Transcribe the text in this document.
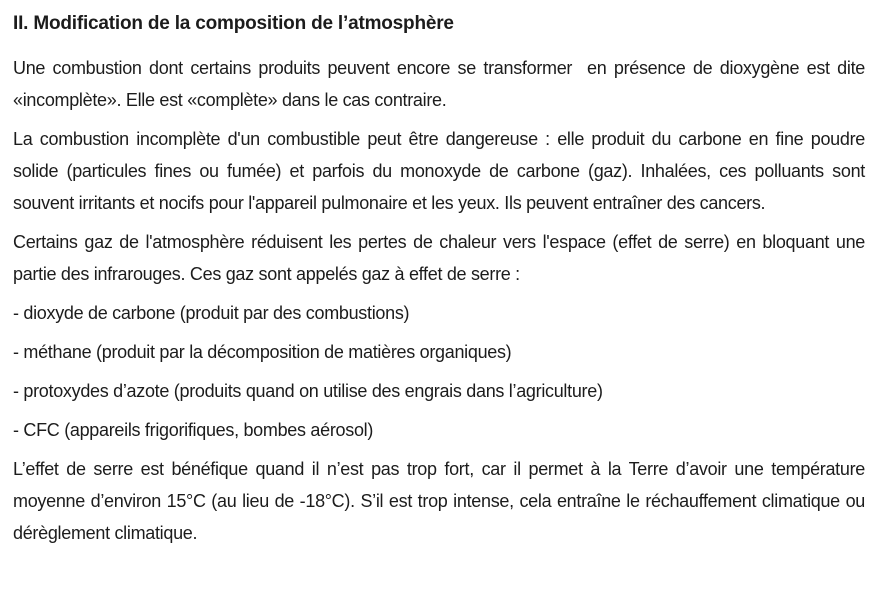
II. Modification de la composition de l’atmosphère

Une combustion dont certains produits peuvent encore se transformer  en présence de dioxygène est dite «incomplète». Elle est «complète» dans le cas contraire.

La combustion incomplète d'un combustible peut être dangereuse : elle produit du carbone en fine poudre solide (particules fines ou fumée) et parfois du monoxyde de carbone (gaz). Inhalées, ces polluants sont souvent irritants et nocifs pour l'appareil pulmonaire et les yeux. Ils peuvent entraîner des cancers.

Certains gaz de l'atmosphère réduisent les pertes de chaleur vers l'espace (effet de serre) en bloquant une partie des infrarouges. Ces gaz sont appelés gaz à effet de serre :

- dioxyde de carbone (produit par des combustions)

- méthane (produit par la décomposition de matières organiques)

- protoxydes d’azote (produits quand on utilise des engrais dans l’agriculture)

- CFC (appareils frigorifiques, bombes aérosol)

L’effet de serre est bénéfique quand il n’est pas trop fort, car il permet à la Terre d’avoir une température moyenne d’environ 15°C (au lieu de -18°C). S’il est trop intense, cela entraîne le réchauffement climatique ou dérèglement climatique.
